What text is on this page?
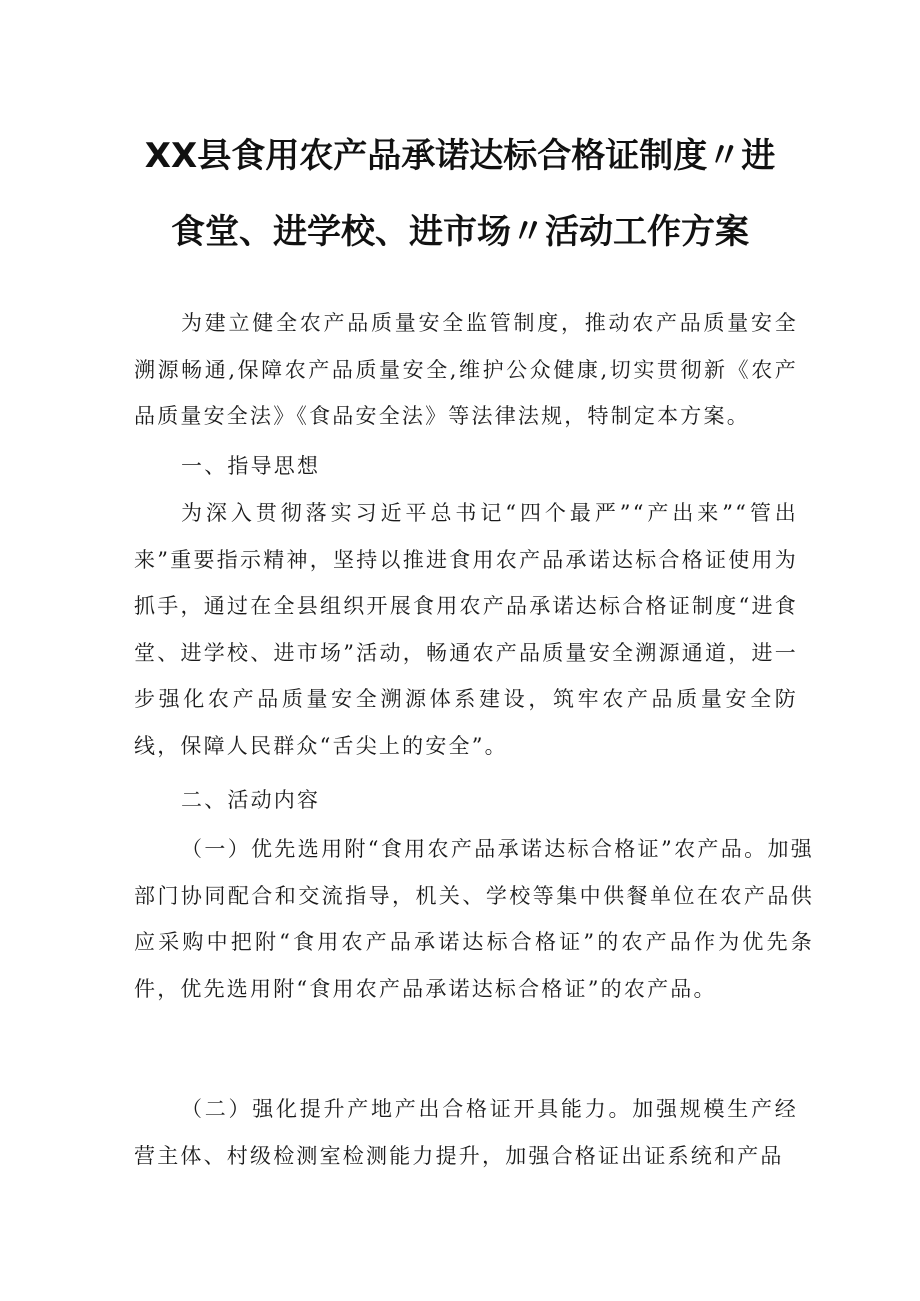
XX县食用农产品承诺达标合格证制度〃进
食堂、进学校、进市场〃活动工作方案

为建立健全农产品质量安全监管制度，推动农产品质量安全溯源畅通,保障农产品质量安全,维护公众健康,切实贯彻新《农产品质量安全法》《食品安全法》等法律法规，特制定本方案。

一、指导思想

为深入贯彻落实习近平总书记“四个最严”“产出来”“管出来”重要指示精神，坚持以推进食用农产品承诺达标合格证使用为抓手，通过在全县组织开展食用农产品承诺达标合格证制度“进食堂、进学校、进市场”活动，畅通农产品质量安全溯源通道，进一步强化农产品质量安全溯源体系建设，筑牢农产品质量安全防线，保障人民群众“舌尖上的安全”。

二、活动内容

（一）优先选用附“食用农产品承诺达标合格证”农产品。加强部门协同配合和交流指导，机关、学校等集中供餐单位在农产品供应采购中把附“食用农产品承诺达标合格证”的农产品作为优先条件，优先选用附“食用农产品承诺达标合格证”的农产品。

（二）强化提升产地产出合格证开具能力。加强规模生产经营主体、村级检测室检测能力提升，加强合格证出证系统和产品
